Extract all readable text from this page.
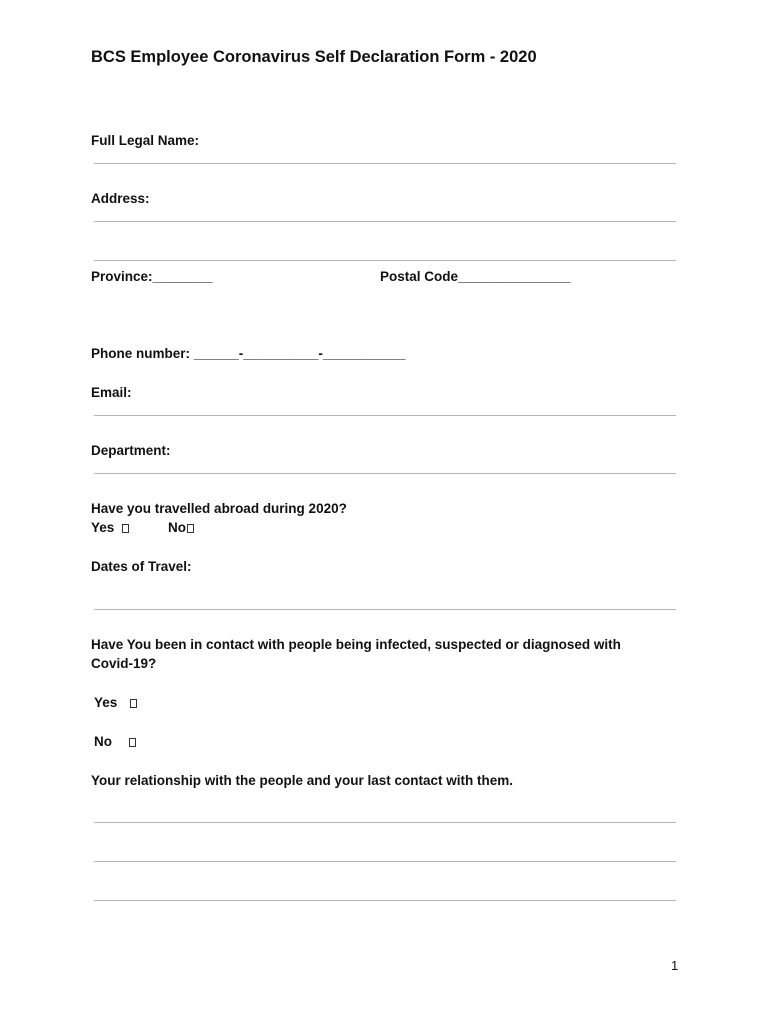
BCS Employee Coronavirus Self Declaration Form - 2020
Full Legal Name:
Address:
Province:________	Postal Code_______________
Phone number: ______-__________-___________
Email:
Department:
Have you travelled abroad during 2020?
Yes	No
Dates of Travel:
Have You been in contact with people being infected, suspected or diagnosed with
Covid-19?
Yes
No
Your relationship with the people and your last contact with them.
1
